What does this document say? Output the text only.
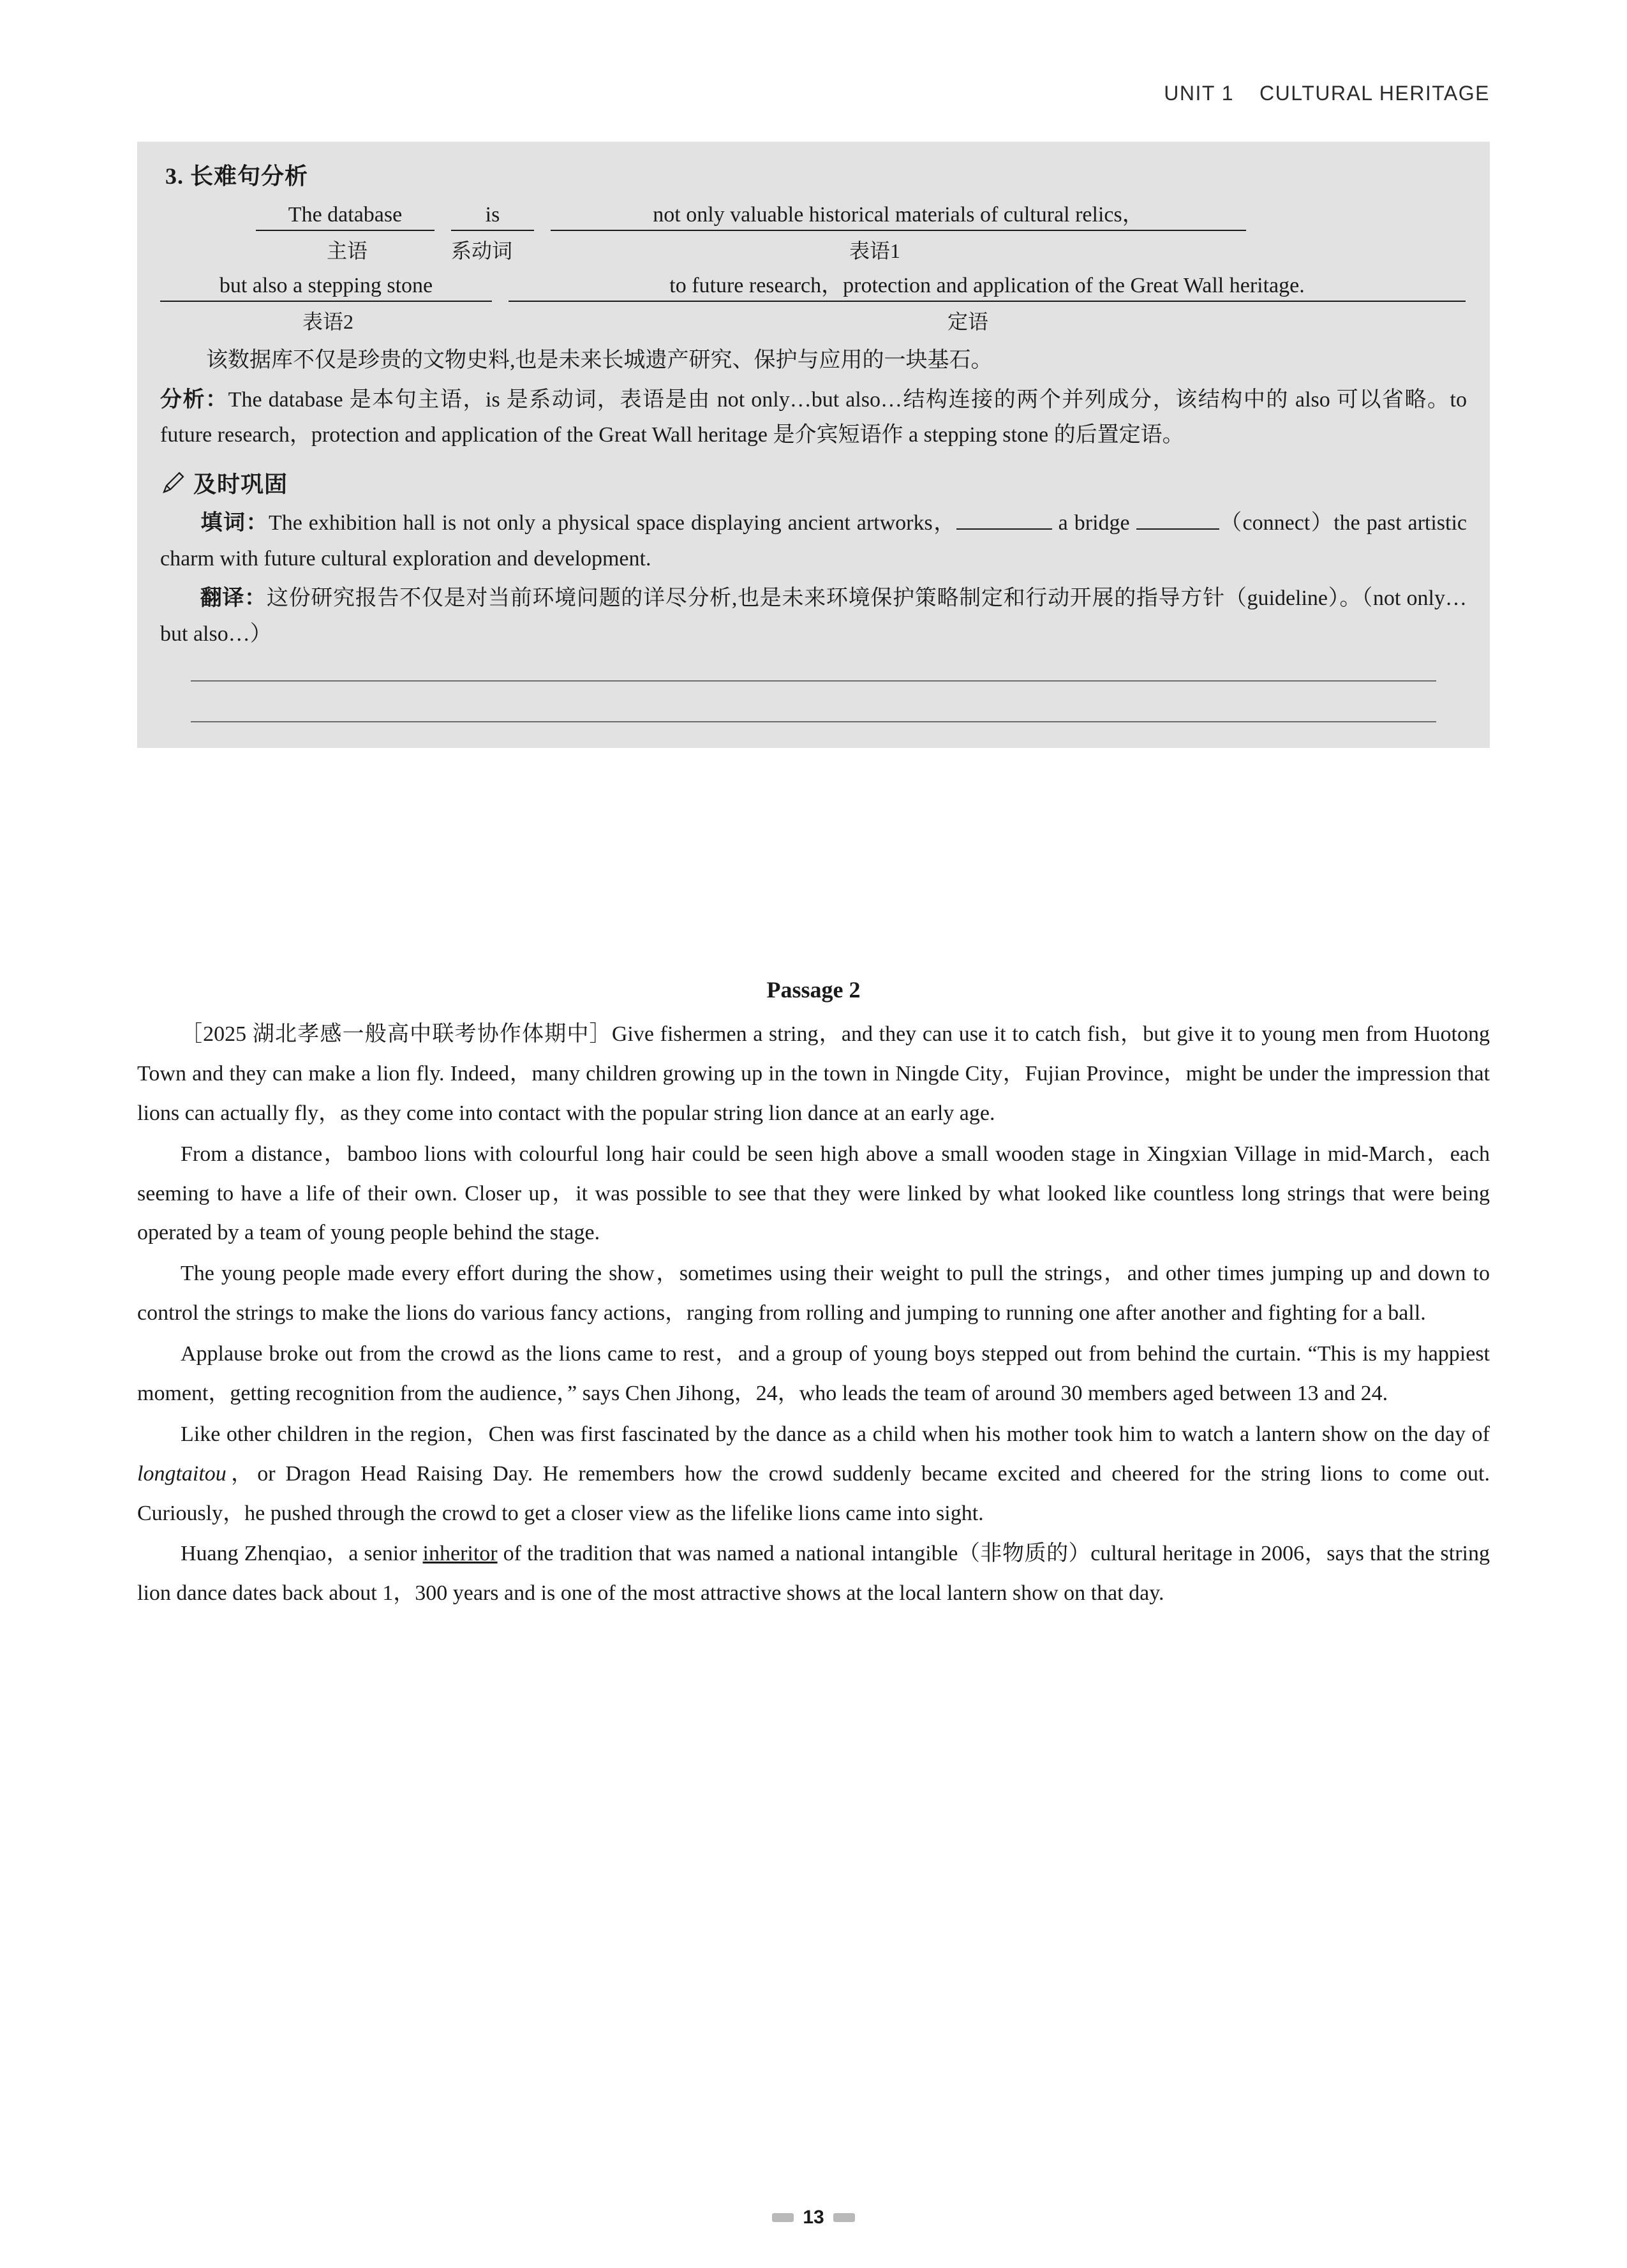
UNIT 1 CULTURAL HERITAGE
3. 长难句分析
The database	is	not only valuable historical materials of cultural relics，
主语	系动词	表语1
but also a stepping stone	to future research，protection and application of the Great Wall heritage.
表语2	定语
该数据库不仅是珍贵的文物史料,也是未来长城遗产研究、保护与应用的一块基石。
分析：The database 是本句主语，is 是系动词，表语是由 not only…but also…结构连接的两个并列成分，该结构中的 also 可以省略。to future research，protection and application of the Great Wall heritage 是介宾短语作 a stepping stone 的后置定语。
及时巩固
填词：The exhibition hall is not only a physical space displaying ancient artworks，	a bridge	（connect）the past artistic charm with future cultural exploration and development.
翻译：这份研究报告不仅是对当前环境问题的详尽分析,也是未来环境保护策略制定和行动开展的指导方针（guideline）。（not only…but also…）
Passage 2

［2025 湖北孝感一般高中联考协作体期中］Give fishermen a string，and they can use it to catch fish，but give it to young men from Huotong Town and they can make a lion fly. Indeed，many children growing up in the town in Ningde City，Fujian Province，might be under the impression that lions can actually fly，as they come into contact with the popular string lion dance at an early age.

From a distance，bamboo lions with colourful long hair could be seen high above a small wooden stage in Xingxian Village in mid-March，each seeming to have a life of their own. Closer up，it was possible to see that they were linked by what looked like countless long strings that were being operated by a team of young people behind the stage.

The young people made every effort during the show，sometimes using their weight to pull the strings，and other times jumping up and down to control the strings to make the lions do various fancy actions，ranging from rolling and jumping to running one after another and fighting for a ball.

Applause broke out from the crowd as the lions came to rest，and a group of young boys stepped out from behind the curtain. “This is my happiest moment，getting recognition from the audience，” says Chen Jihong，24，who leads the team of around 30 members aged between 13 and 24.

Like other children in the region，Chen was first fascinated by the dance as a child when his mother took him to watch a lantern show on the day of longtaitou，or Dragon Head Raising Day. He remembers how the crowd suddenly became excited and cheered for the string lions to come out. Curiously，he pushed through the crowd to get a closer view as the lifelike lions came into sight.

Huang Zhenqiao，a senior inheritor of the tradition that was named a national intangible（非物质的）cultural heritage in 2006，says that the string lion dance dates back about 1，300 years and is one of the most attractive shows at the local lantern show on that day.

13
